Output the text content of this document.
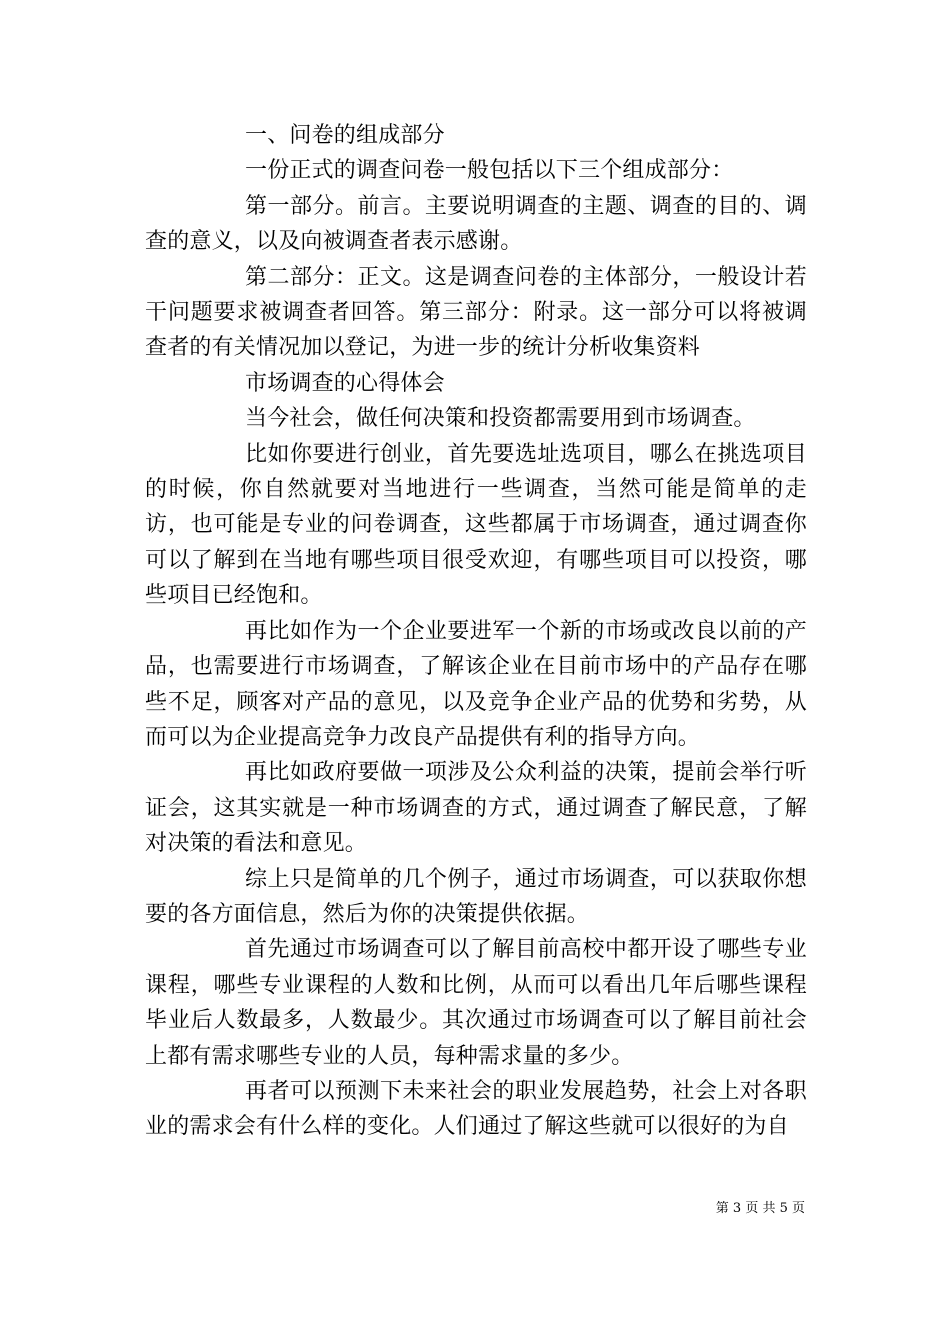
一、问卷的组成部分

一份正式的调查问卷一般包括以下三个组成部分：

第一部分。前言。主要说明调查的主题、调查的目的、调查的意义，以及向被调查者表示感谢。

第二部分：正文。这是调查问卷的主体部分，一般设计若干问题要求被调查者回答。第三部分：附录。这一部分可以将被调查者的有关情况加以登记，为进一步的统计分析收集资料

市场调查的心得体会

当今社会，做任何决策和投资都需要用到市场调查。

比如你要进行创业，首先要选址选项目，哪么在挑选项目的时候，你自然就要对当地进行一些调查，当然可能是简单的走访，也可能是专业的问卷调查，这些都属于市场调查，通过调查你可以了解到在当地有哪些项目很受欢迎，有哪些项目可以投资，哪些项目已经饱和。

再比如作为一个企业要进军一个新的市场或改良以前的产品，也需要进行市场调查，了解该企业在目前市场中的产品存在哪些不足，顾客对产品的意见，以及竞争企业产品的优势和劣势，从而可以为企业提高竞争力改良产品提供有利的指导方向。

再比如政府要做一项涉及公众利益的决策，提前会举行听证会，这其实就是一种市场调查的方式，通过调查了解民意，了解对决策的看法和意见。

综上只是简单的几个例子，通过市场调查，可以获取你想要的各方面信息，然后为你的决策提供依据。

首先通过市场调查可以了解目前高校中都开设了哪些专业课程，哪些专业课程的人数和比例，从而可以看出几年后哪些课程毕业后人数最多，人数最少。其次通过市场调查可以了解目前社会上都有需求哪些专业的人员，每种需求量的多少。

再者可以预测下未来社会的职业发展趋势，社会上对各职业的需求会有什么样的变化。人们通过了解这些就可以很好的为自

第 3 页 共 5 页
